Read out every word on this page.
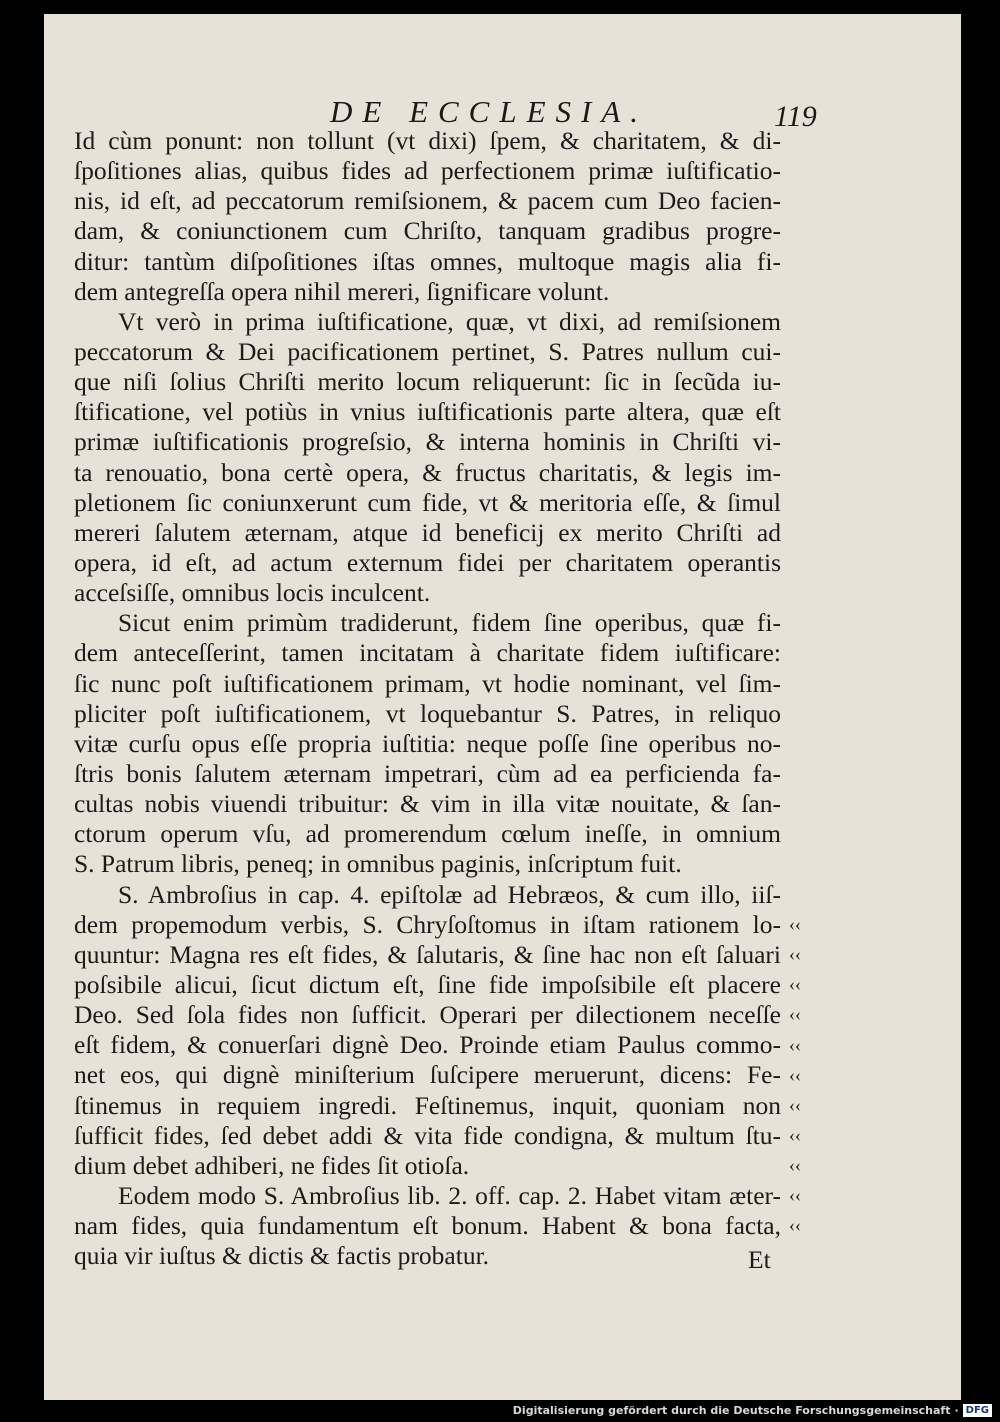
DE ECCLESIA.	119
Id cùm ponunt: non tollunt (vt dixi) ſpem, & charitatem, & di-
ſpoſitiones alias, quibus fides ad perfectionem primæ iuſtificatio-
nis, id eſt, ad peccatorum remiſsionem, & pacem cum Deo facien-
dam, & coniunctionem cum Chriſto, tanquam gradibus progre-
ditur: tantùm diſpoſitiones iſtas omnes, multoque magis alia fi-
dem antegreſſa opera nihil mereri, ſignificare volunt.
Vt verò in prima iuſtificatione, quæ, vt dixi, ad remiſsionem
peccatorum & Dei pacificationem pertinet, S. Patres nullum cui-
que niſi ſolius Chriſti merito locum reliquerunt: ſic in ſecũda iu-
ſtificatione, vel potiùs in vnius iuſtificationis parte altera, quæ eſt
primæ iuſtificationis progreſsio, & interna hominis in Chriſti vi-
ta renouatio, bona certè opera, & fructus charitatis, & legis im-
pletionem ſic coniunxerunt cum fide, vt & meritoria eſſe, & ſimul
mereri ſalutem æternam, atque id beneficij ex merito Chriſti ad
opera, id eſt, ad actum externum fidei per charitatem operantis
acceſsiſſe, omnibus locis inculcent.
Sicut enim primùm tradiderunt, fidem ſine operibus, quæ fi-
dem anteceſſerint, tamen incitatam à charitate fidem iuſtificare:
ſic nunc poſt iuſtificationem primam, vt hodie nominant, vel ſim-
pliciter poſt iuſtificationem, vt loquebantur S. Patres, in reliquo
vitæ curſu opus eſſe propria iuſtitia: neque poſſe ſine operibus no-
ſtris bonis ſalutem æternam impetrari, cùm ad ea perficienda fa-
cultas nobis viuendi tribuitur: & vim in illa vitæ nouitate, & ſan-
ctorum operum vſu, ad promerendum cœlum ineſſe, in omnium
S. Patrum libris, peneq; in omnibus paginis, inſcriptum fuit.
S. Ambroſius in cap. 4. epiſtolæ ad Hebræos, & cum illo, iiſ-
dem propemodum verbis, S. Chryſoſtomus in iſtam rationem lo-
quuntur: Magna res eſt fides, & ſalutaris, & ſine hac non eſt ſaluari
poſsibile alicui, ſicut dictum eſt, ſine fide impoſsibile eſt placere
Deo. Sed ſola fides non ſufficit. Operari per dilectionem neceſſe
eſt fidem, & conuerſari dignè Deo. Proinde etiam Paulus commo-
net eos, qui dignè miniſterium ſuſcipere meruerunt, dicens: Fe-
ſtinemus in requiem ingredi. Feſtinemus, inquit, quoniam non
ſufficit fides, ſed debet addi & vita fide condigna, & multum ſtu-
dium debet adhiberi, ne fides ſit otioſa.
Eodem modo S. Ambroſius lib. 2. off. cap. 2. Habet vitam æter-
nam fides, quia fundamentum eſt bonum. Habent & bona facta,
quia vir iuſtus & dictis & factis probatur.
‹‹
‹‹
‹‹
‹‹
‹‹
‹‹
‹‹
‹‹
‹‹
‹‹
‹‹
Et
Digitalisierung gefördert durch die Deutsche Forschungsgemeinschaft · DFG
